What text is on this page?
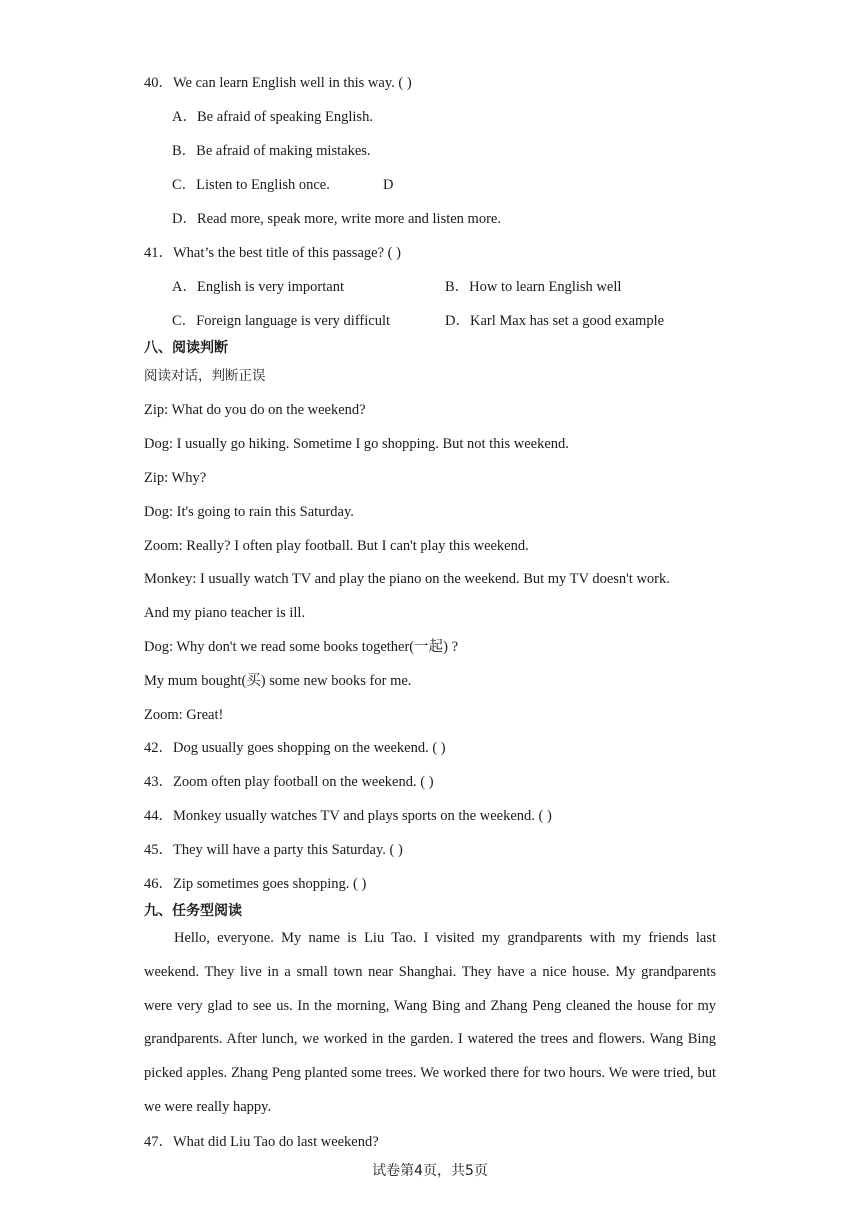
40．We can learn English well in this way. ( )
A．Be afraid of speaking English.
B．Be afraid of making mistakes.
C．Listen to English once.	D
D．Read more, speak more, write more and listen more.
41．What’s the best title of this passage? ( )
A．English is very important	B．How to learn English well
C．Foreign language is very difficult	D．Karl Max has set a good example
八、阅读判断
阅读对话，判断正误
Zip: What do you do on the weekend?
Dog: I usually go hiking. Sometime I go shopping. But not this weekend.
Zip: Why?
Dog: It's going to rain this Saturday.
Zoom: Really? I often play football. But I can't play this weekend.
Monkey: I usually watch TV and play the piano on the weekend. But my TV doesn't work.
And my piano teacher is ill.
Dog: Why don't we read some books together(一起) ?
My mum bought(买) some new books for me.
Zoom: Great!
42．Dog usually goes shopping on the weekend. ( )
43．Zoom often play football on the weekend. ( )
44．Monkey usually watches TV and plays sports on the weekend. ( )
45．They will have a party this Saturday. ( )
46．Zip sometimes goes shopping. ( )
九、任务型阅读
Hello, everyone. My name is Liu Tao. I visited my grandparents with my friends last weekend. They live in a small town near Shanghai. They have a nice house. My grandparents were very glad to see us. In the morning, Wang Bing and Zhang Peng cleaned the house for my grandparents. After lunch, we worked in the garden. I watered the trees and flowers. Wang Bing picked apples. Zhang Peng planted some trees. We worked there for two hours. We were tried, but we were really happy.
47．What did Liu Tao do last weekend?
试卷第4页，共5页
